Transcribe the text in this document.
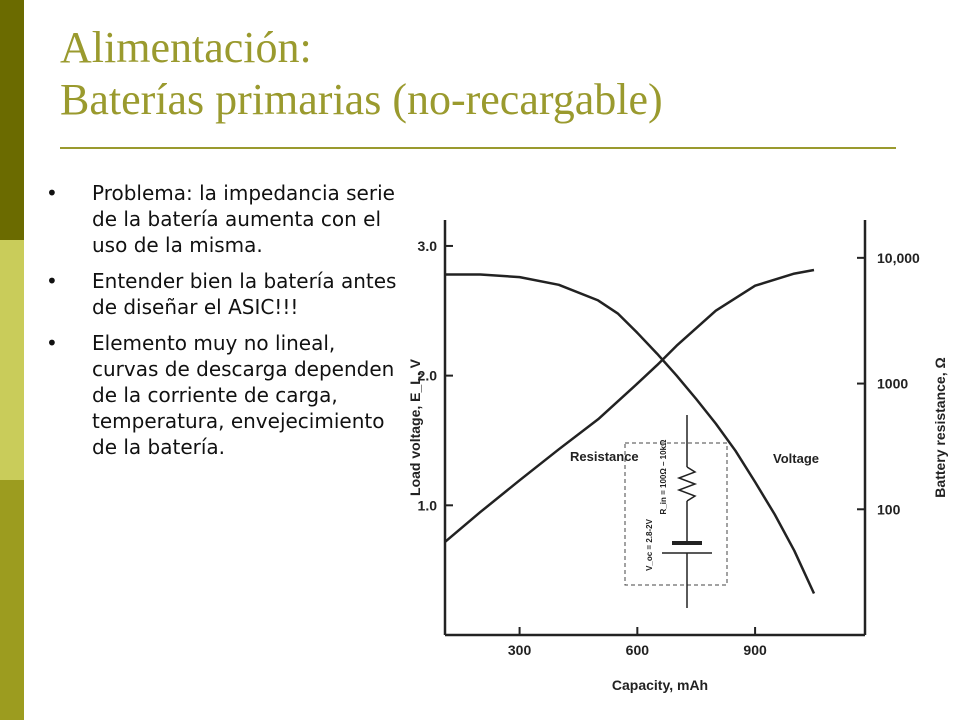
Alimentación:
Baterías primarias (no-recargable)
• Problema: la impedancia serie de la batería aumenta con el uso de la misma.
• Entender bien la batería antes de diseñar el ASIC!!!
• Elemento muy no lineal, curvas de descarga dependen de la corriente de carga, temperatura, envejecimiento de la batería.
300	600	900
1.0
2.0
3.0
100
1000
10,000
Capacity, mAh
Load voltage, E_L, V	Battery resistance, Ω
Voltage
Resistance	R_in = 100Ω – 10kΩ
V_oc = 2.8-2V
